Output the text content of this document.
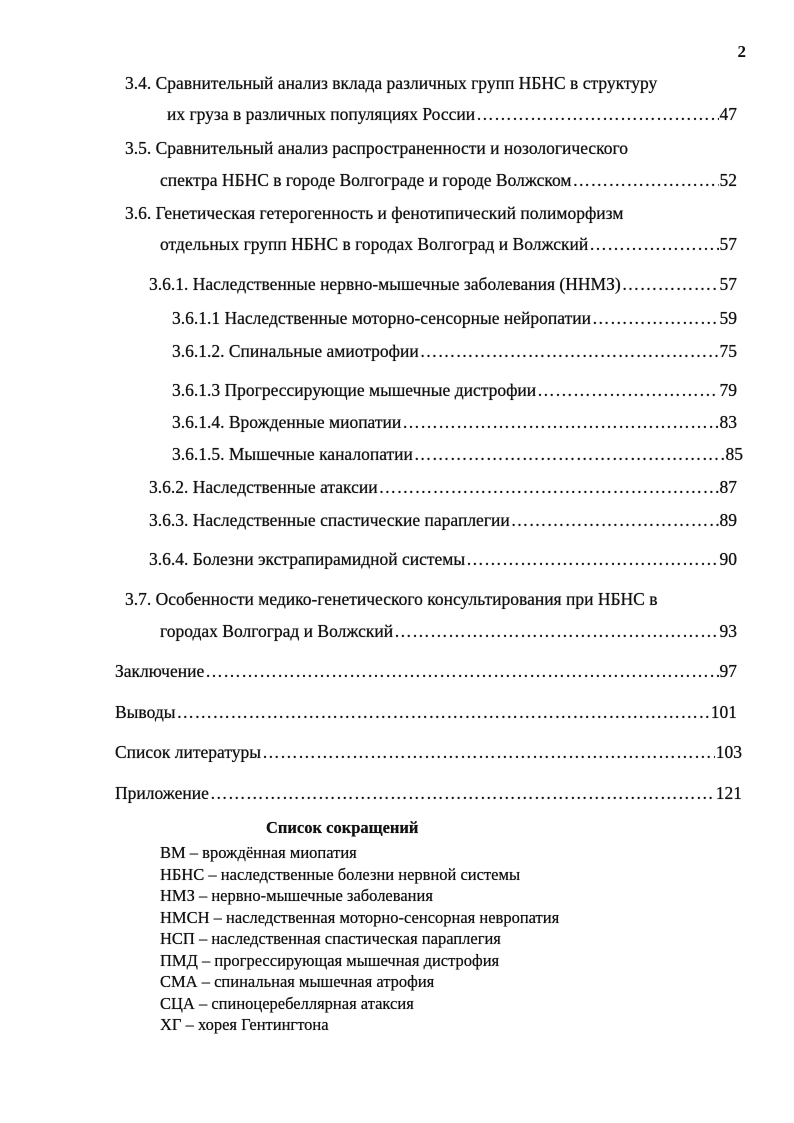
2
3.4. Сравнительный анализ вклада различных групп НБНС в структуру
их груза в различных популяциях России ………………………………………………………………………………………………………………………………………………………………………………………………	47
3.5. Сравнительный анализ распространенности и нозологического
спектра НБНС в городе Волгограде и городе Волжском ………………………………………………………………………………………………………………………………………………………………………………………………	52
3.6. Генетическая гетерогенность и фенотипический полиморфизм
отдельных групп НБНС в городах Волгоград и Волжский ………………………………………………………………………………………………………………………………………………………………………………………………	57
3.6.1. Наследственные нервно-мышечные заболевания (ННМЗ) ………………………………………………………………………………………………………………………………………………………………………………………………	57
3.6.1.1 Наследственные моторно-сенсорные нейропатии ………………………………………………………………………………………………………………………………………………………………………………………………	59
3.6.1.2. Спинальные амиотрофии ………………………………………………………………………………………………………………………………………………………………………………………………	75
3.6.1.3 Прогрессирующие мышечные дистрофии ………………………………………………………………………………………………………………………………………………………………………………………………	79
3.6.1.4. Врожденные миопатии ………………………………………………………………………………………………………………………………………………………………………………………………	83
3.6.1.5. Мышечные каналопатии ………………………………………………………………………………………………………………………………………………………………………………………………	85
3.6.2. Наследственные атаксии ………………………………………………………………………………………………………………………………………………………………………………………………	87
3.6.3. Наследственные спастические параплегии ………………………………………………………………………………………………………………………………………………………………………………………………	89
3.6.4. Болезни экстрапирамидной системы ………………………………………………………………………………………………………………………………………………………………………………………………	90
3.7. Особенности медико-генетического консультирования при НБНС в
городах Волгоград и Волжский ………………………………………………………………………………………………………………………………………………………………………………………………	93
Заключение ………………………………………………………………………………………………………………………………………………………………………………………………	97
Выводы ………………………………………………………………………………………………………………………………………………………………………………………………	101
Список литературы ………………………………………………………………………………………………………………………………………………………………………………………………	103
Приложение ………………………………………………………………………………………………………………………………………………………………………………………………	121
Список сокращений
ВМ – врождённая миопатия
НБНС – наследственные болезни нервной системы
НМЗ – нервно-мышечные заболевания
НМСН – наследственная моторно-сенсорная невропатия
НСП – наследственная спастическая параплегия
ПМД – прогрессирующая мышечная дистрофия
СМА – спинальная мышечная атрофия
СЦА – спиноцеребеллярная атаксия
ХГ – хорея Гентингтона
